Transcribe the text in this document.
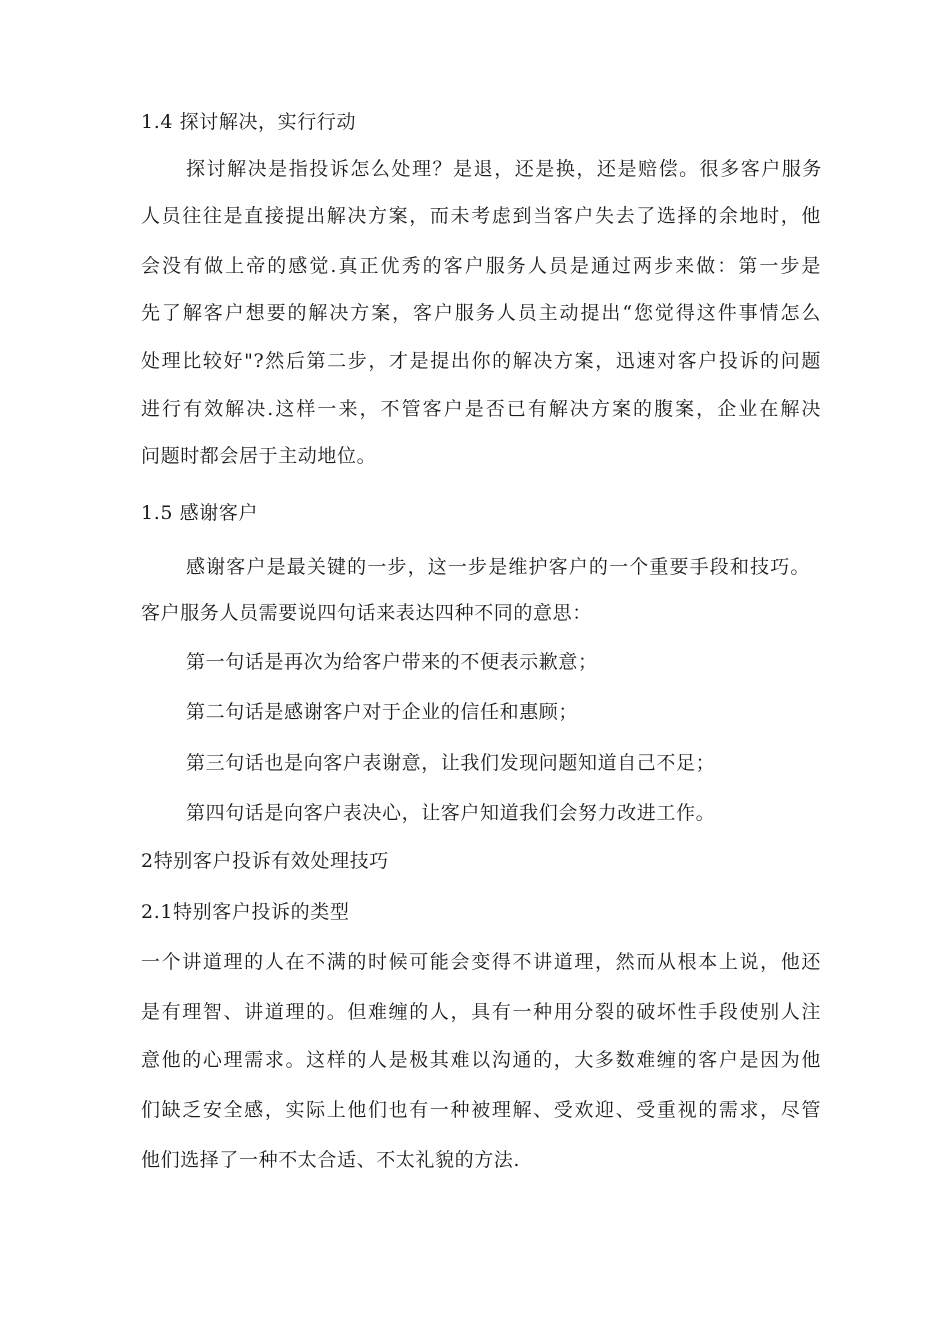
1.4 探讨解决，实行行动
探讨解决是指投诉怎么处理？是退，还是换，还是赔偿。很多客户服务
人员往往是直接提出解决方案，而未考虑到当客户失去了选择的余地时，他
会没有做上帝的感觉.真正优秀的客户服务人员是通过两步来做：第一步是
先了解客户想要的解决方案，客户服务人员主动提出“您觉得这件事情怎么
处理比较好"?然后第二步，才是提出你的解决方案，迅速对客户投诉的问题
进行有效解决.这样一来，不管客户是否已有解决方案的腹案，企业在解决
问题时都会居于主动地位。
1.5 感谢客户
感谢客户是最关键的一步，这一步是维护客户的一个重要手段和技巧。
客户服务人员需要说四句话来表达四种不同的意思：
第一句话是再次为给客户带来的不便表示歉意；
第二句话是感谢客户对于企业的信任和惠顾；
第三句话也是向客户表谢意，让我们发现问题知道自己不足；
第四句话是向客户表决心，让客户知道我们会努力改进工作。
2特别客户投诉有效处理技巧
2.1特别客户投诉的类型
一个讲道理的人在不满的时候可能会变得不讲道理，然而从根本上说，他还
是有理智、讲道理的。但难缠的人，具有一种用分裂的破坏性手段使别人注
意他的心理需求。这样的人是极其难以沟通的，大多数难缠的客户是因为他
们缺乏安全感，实际上他们也有一种被理解、受欢迎、受重视的需求，尽管
他们选择了一种不太合适、不太礼貌的方法.
